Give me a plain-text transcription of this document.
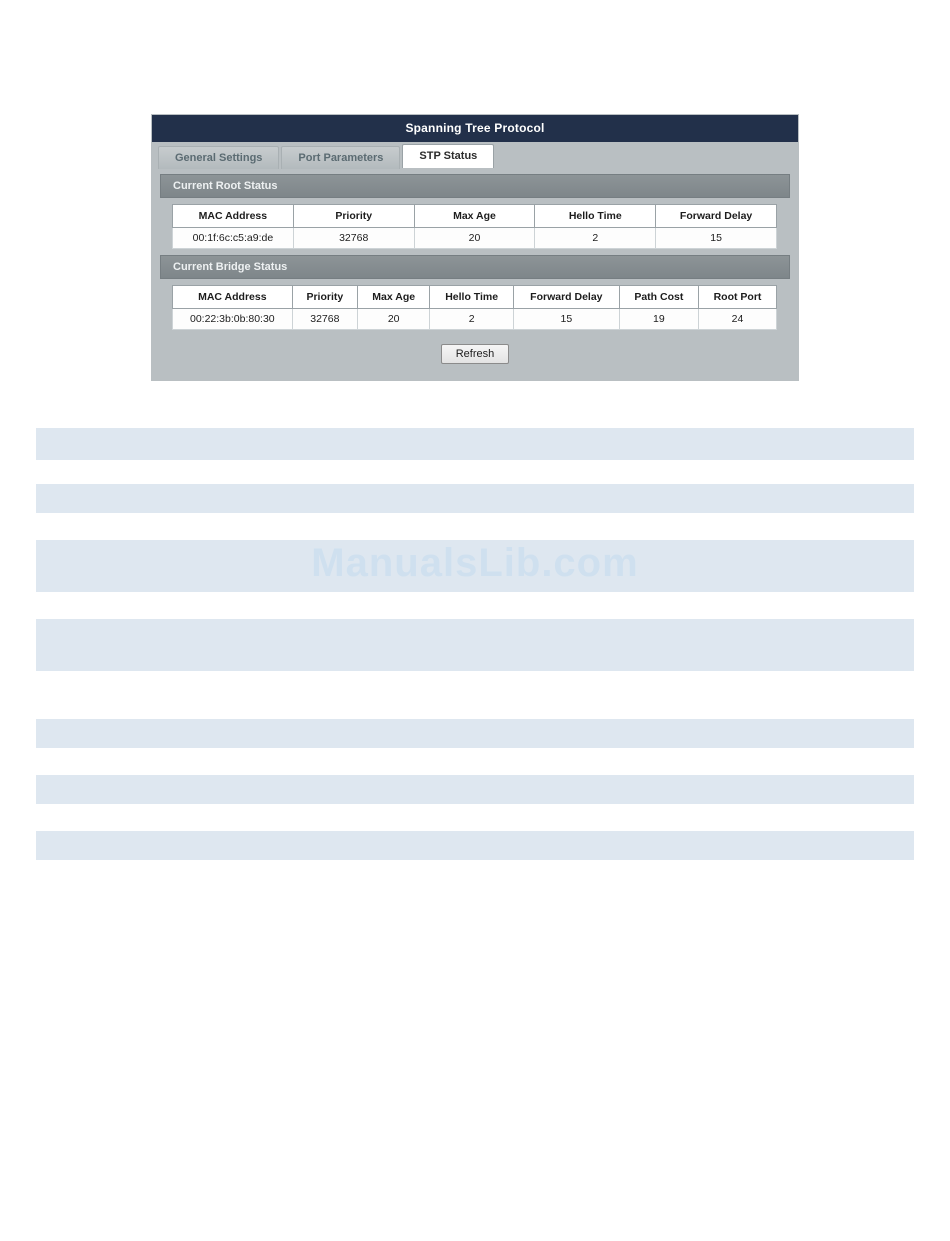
Spanning Tree Protocol
General Settings	Port Parameters	STP Status
Current Root Status
MAC Address	Priority	Max Age	Hello Time	Forward Delay
00:1f:6c:c5:a9:de	32768	20	2	15
Current Bridge Status
MAC Address	Priority	Max Age	Hello Time	Forward Delay	Path Cost	Root Port
00:22:3b:0b:80:30	32768	20	2	15	19	24
Refresh
ManualsLib.com
